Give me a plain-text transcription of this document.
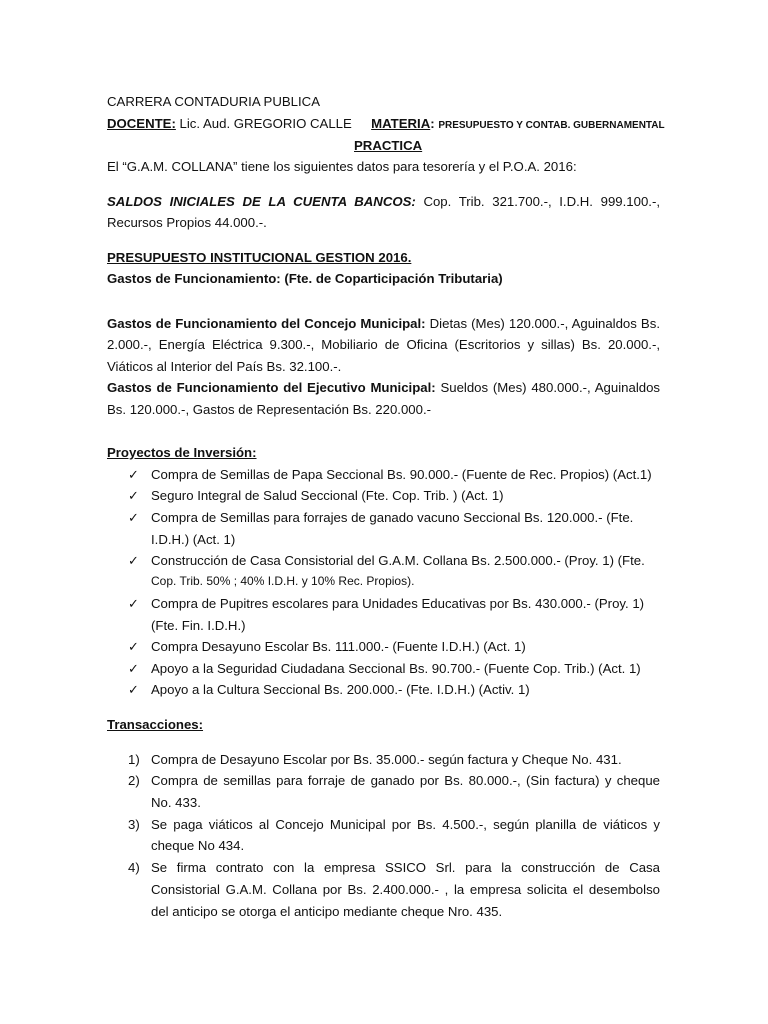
CARRERA CONTADURIA PUBLICA
DOCENTE: Lic. Aud. GREGORIO CALLE MATERIA: PRESUPUESTO Y CONTAB. GUBERNAMENTAL
PRACTICA
El “G.A.M. COLLANA” tiene los siguientes datos para tesorería y el P.O.A. 2016:
SALDOS INICIALES DE LA CUENTA BANCOS: Cop. Trib. 321.700.-, I.D.H. 999.100.-,
Recursos Propios 44.000.-.
PRESUPUESTO INSTITUCIONAL GESTION 2016.
Gastos de Funcionamiento: (Fte. de Coparticipación Tributaria)
Gastos de Funcionamiento del Concejo Municipal: Dietas (Mes) 120.000.-, Aguinaldos Bs.
2.000.-, Energía Eléctrica 9.300.-, Mobiliario de Oficina (Escritorios y sillas) Bs. 20.000.-,
Viáticos al Interior del País Bs. 32.100.-.
Gastos de Funcionamiento del Ejecutivo Municipal: Sueldos (Mes) 480.000.-, Aguinaldos
Bs. 120.000.-, Gastos de Representación Bs. 220.000.-
Proyectos de Inversión:
✓ Compra de Semillas de Papa Seccional Bs. 90.000.- (Fuente de Rec. Propios) (Act.1)
✓ Seguro Integral de Salud Seccional (Fte. Cop. Trib. ) (Act. 1)
✓ Compra de Semillas para forrajes de ganado vacuno Seccional Bs. 120.000.- (Fte.
I.D.H.) (Act. 1)
✓ Construcción de Casa Consistorial del G.A.M. Collana Bs. 2.500.000.- (Proy. 1) (Fte.
Cop. Trib. 50% ; 40% I.D.H. y 10% Rec. Propios).
✓ Compra de Pupitres escolares para Unidades Educativas por Bs. 430.000.- (Proy. 1)
(Fte. Fin. I.D.H.)
✓ Compra Desayuno Escolar Bs. 111.000.- (Fuente I.D.H.) (Act. 1)
✓ Apoyo a la Seguridad Ciudadana Seccional Bs. 90.700.- (Fuente Cop. Trib.) (Act. 1)
✓ Apoyo a la Cultura Seccional Bs. 200.000.- (Fte. I.D.H.) (Activ. 1)
Transacciones:
1) Compra de Desayuno Escolar por Bs. 35.000.- según factura y Cheque No. 431.
2) Compra de semillas para forraje de ganado por Bs. 80.000.-, (Sin factura) y cheque
No. 433.
3) Se paga viáticos al Concejo Municipal por Bs. 4.500.-, según planilla de viáticos y
cheque No 434.
4) Se firma contrato con la empresa SSICO Srl. para la construcción de Casa
Consistorial G.A.M. Collana por Bs. 2.400.000.- , la empresa solicita el desembolso
del anticipo se otorga el anticipo mediante cheque Nro. 435.
